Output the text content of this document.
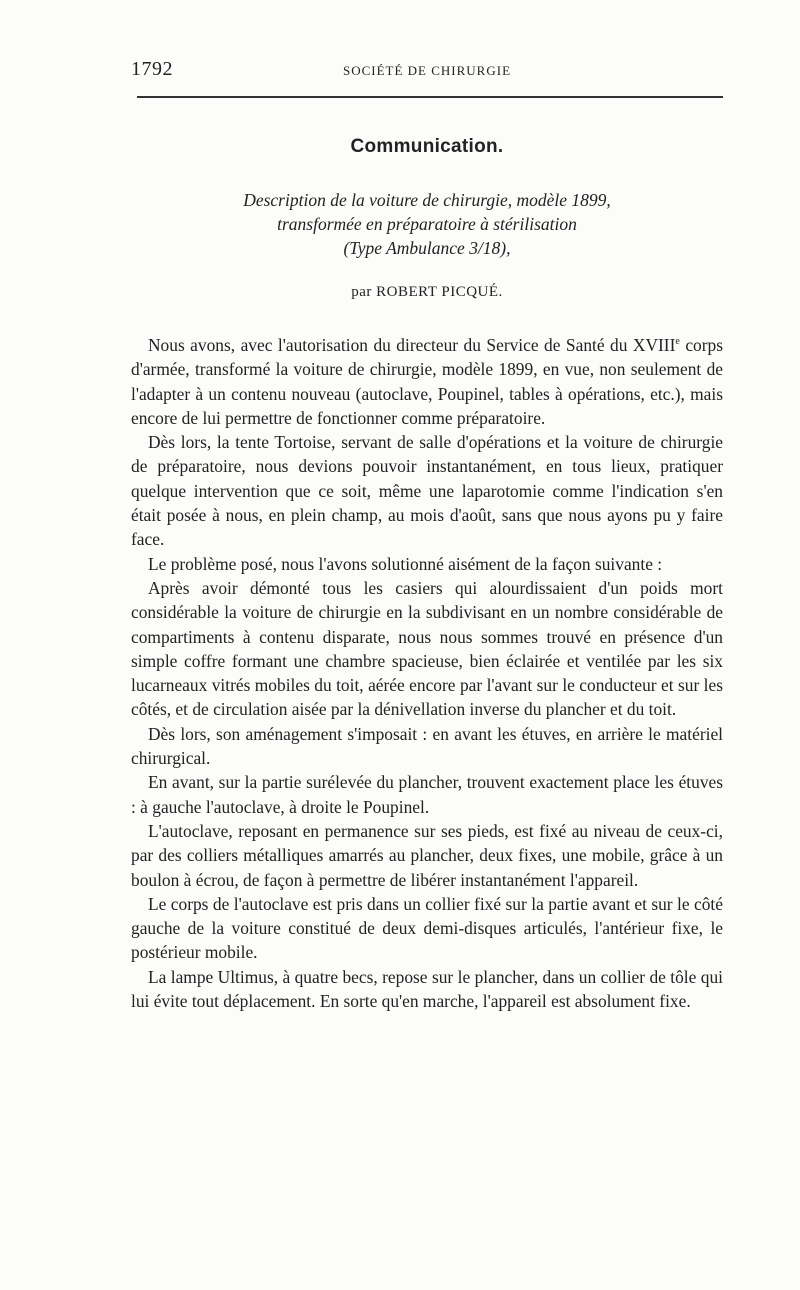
1792	SOCIÉTÉ DE CHIRURGIE
Communication.
Description de la voiture de chirurgie, modèle 1899,
transformée en préparatoire à stérilisation
(Type Ambulance 3/18),
par ROBERT PICQUÉ.

Nous avons, avec l'autorisation du directeur du Service de Santé du XVIIIe corps d'armée, transformé la voiture de chirurgie, modèle 1899, en vue, non seulement de l'adapter à un contenu nouveau (autoclave, Poupinel, tables à opérations, etc.), mais encore de lui permettre de fonctionner comme préparatoire.

Dès lors, la tente Tortoise, servant de salle d'opérations et la voiture de chirurgie de préparatoire, nous devions pouvoir instantanément, en tous lieux, pratiquer quelque intervention que ce soit, même une laparotomie comme l'indication s'en était posée à nous, en plein champ, au mois d'août, sans que nous ayons pu y faire face.

Le problème posé, nous l'avons solutionné aisément de la façon suivante :

Après avoir démonté tous les casiers qui alourdissaient d'un poids mort considérable la voiture de chirurgie en la subdivisant en un nombre considérable de compartiments à contenu disparate, nous nous sommes trouvé en présence d'un simple coffre formant une chambre spacieuse, bien éclairée et ventilée par les six lucarneaux vitrés mobiles du toit, aérée encore par l'avant sur le conducteur et sur les côtés, et de circulation aisée par la dénivellation inverse du plancher et du toit.

Dès lors, son aménagement s'imposait : en avant les étuves, en arrière le matériel chirurgical.

En avant, sur la partie surélevée du plancher, trouvent exactement place les étuves : à gauche l'autoclave, à droite le Poupinel.

L'autoclave, reposant en permanence sur ses pieds, est fixé au niveau de ceux-ci, par des colliers métalliques amarrés au plancher, deux fixes, une mobile, grâce à un boulon à écrou, de façon à permettre de libérer instantanément l'appareil.

Le corps de l'autoclave est pris dans un collier fixé sur la partie avant et sur le côté gauche de la voiture constitué de deux demi-disques articulés, l'antérieur fixe, le postérieur mobile.

La lampe Ultimus, à quatre becs, repose sur le plancher, dans un collier de tôle qui lui évite tout déplacement. En sorte qu'en marche, l'appareil est absolument fixe.
